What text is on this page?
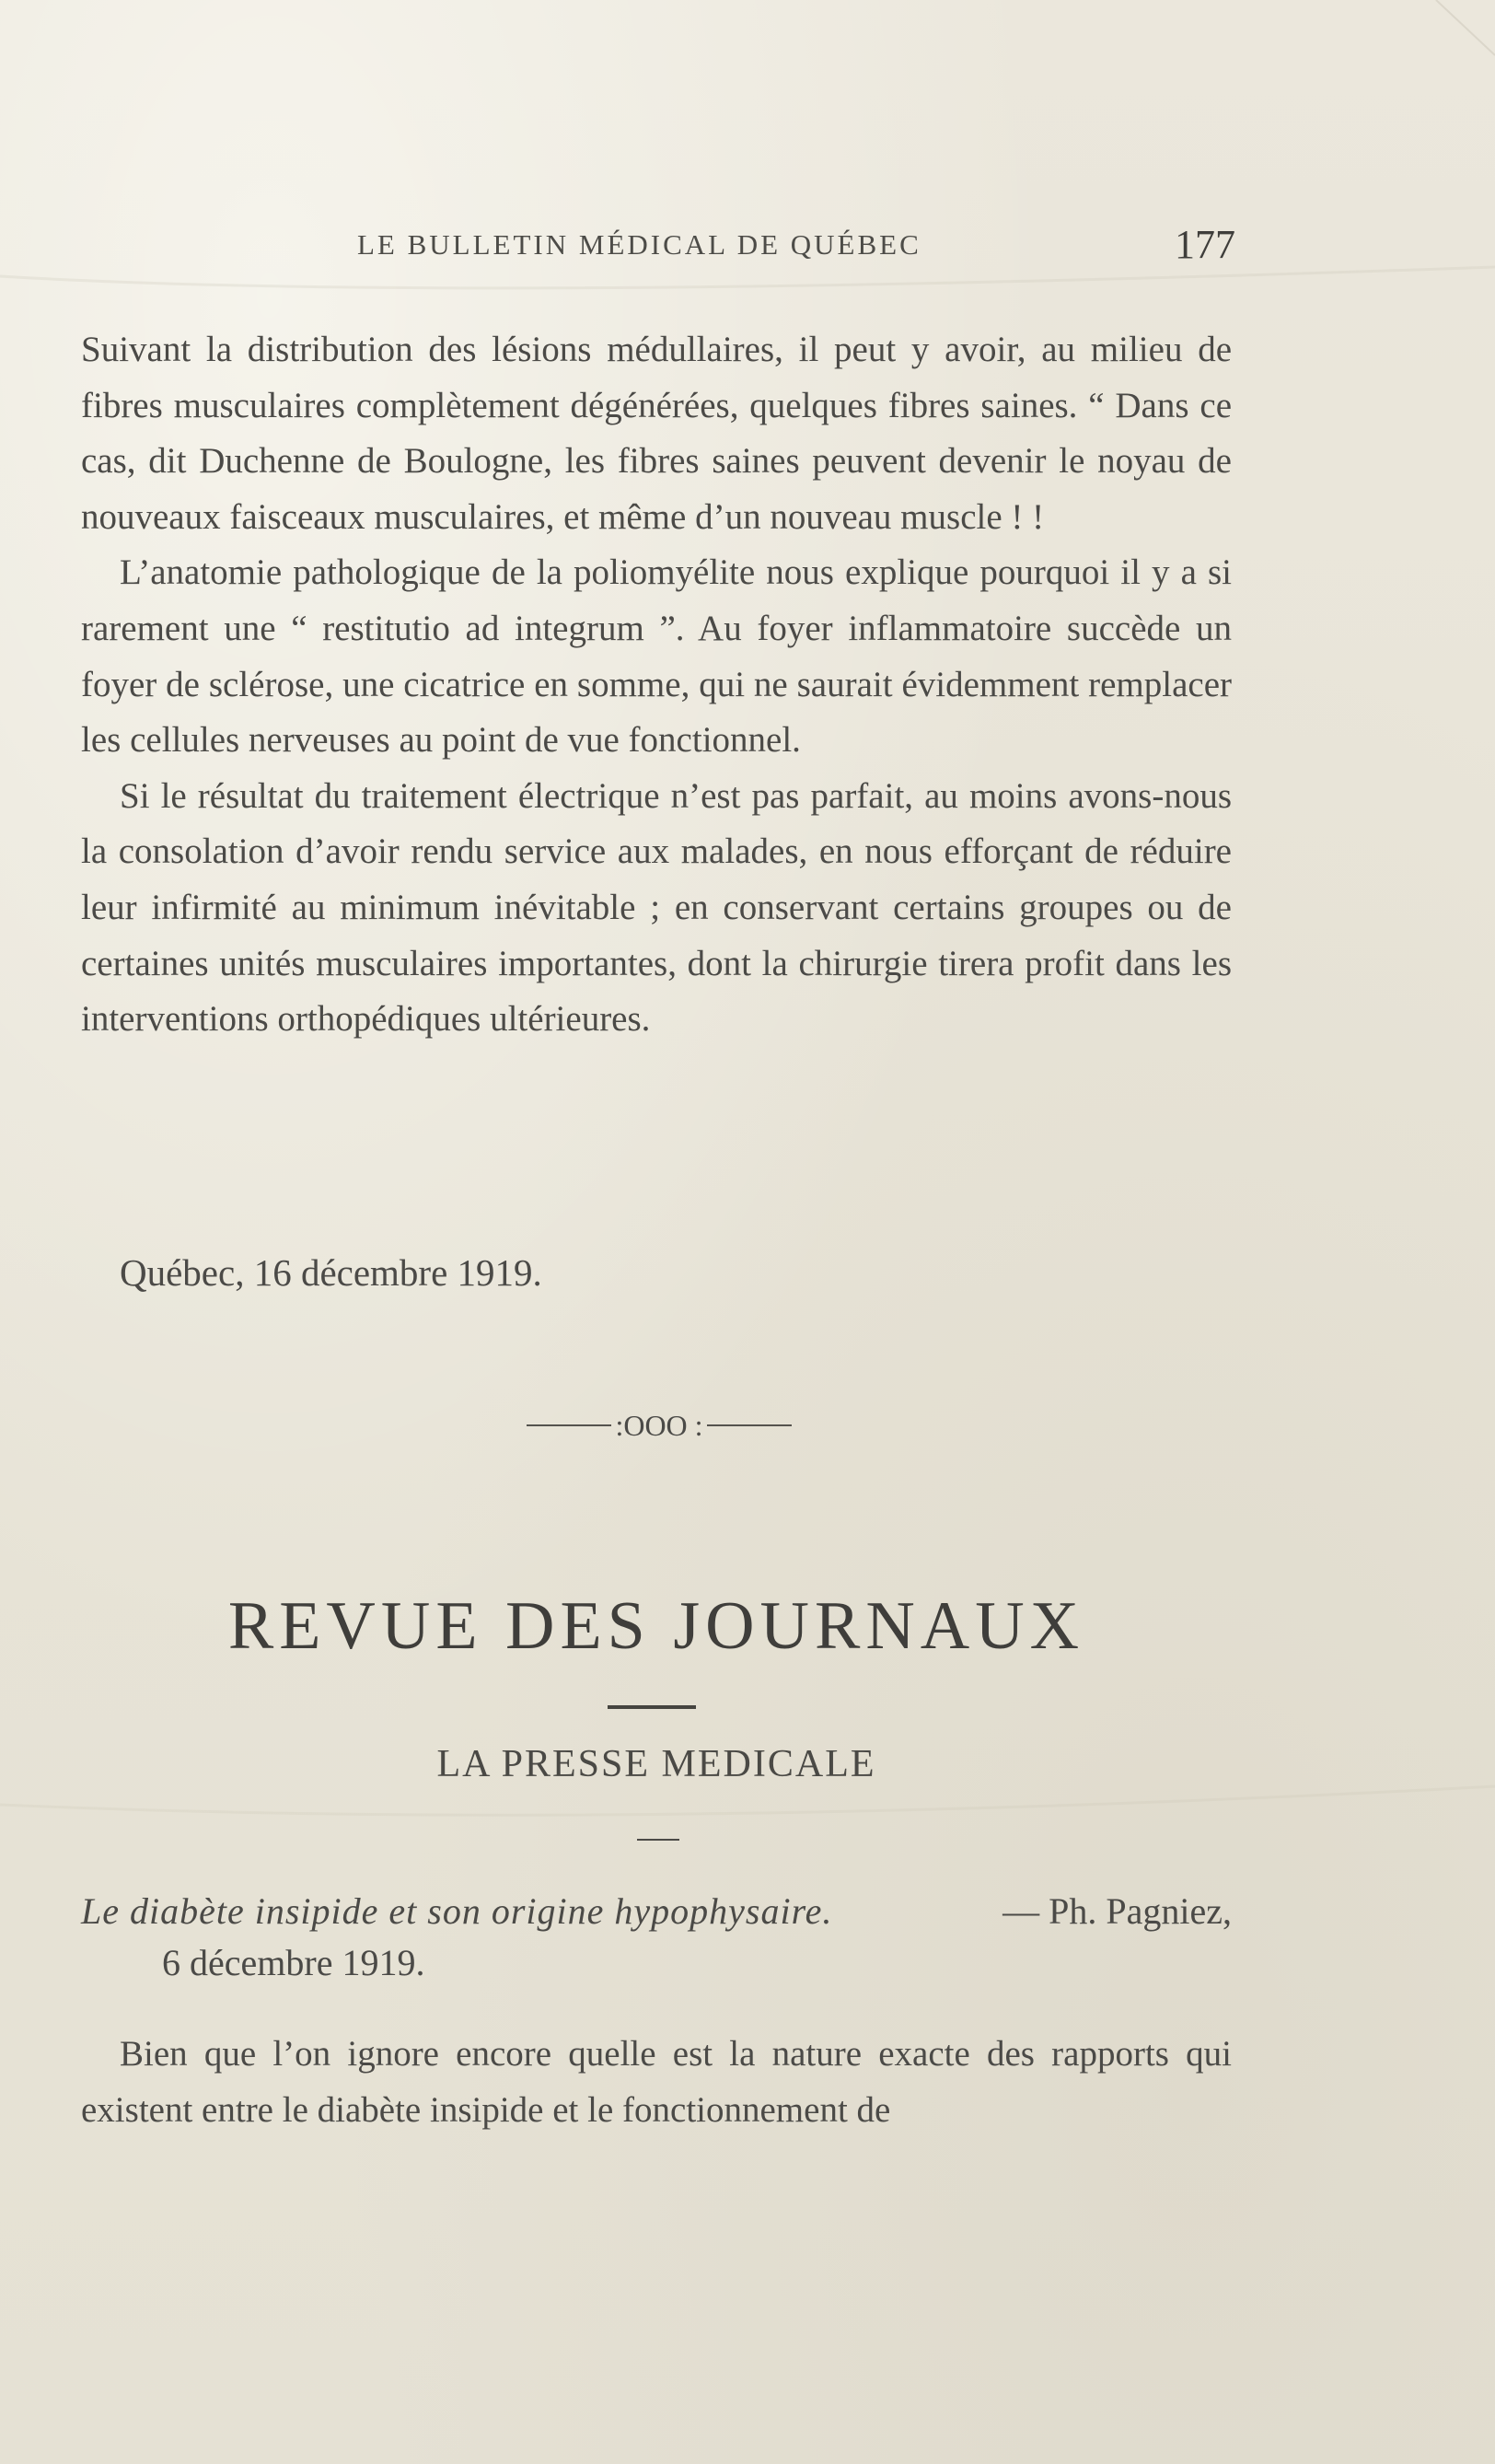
LE BULLETIN MÉDICAL DE QUÉBEC	177

Suivant la distribution des lésions médullaires, il peut y avoir, au milieu de fibres musculaires complètement dégénérées, quelques fibres saines. “ Dans ce cas, dit Duchenne de Boulogne, les fibres saines peuvent devenir le noyau de nouveaux faisceaux musculaires, et même d’un nouveau muscle ! !

L’anatomie pathologique de la poliomyélite nous explique pourquoi il y a si rarement une “ restitutio ad integrum ”. Au foyer inflammatoire succède un foyer de sclérose, une cicatrice en somme, qui ne saurait évidemment remplacer les cellules nerveuses au point de vue fonctionnel.

Si le résultat du traitement électrique n’est pas parfait, au moins avons-nous la consolation d’avoir rendu service aux malades, en nous efforçant de réduire leur infirmité au minimum inévitable ; en conservant certains groupes ou de certaines unités musculaires importantes, dont la chirurgie tirera profit dans les interventions orthopédiques ultérieures.

Québec, 16 décembre 1919.
:OOO :
REVUE DES JOURNAUX
LA PRESSE MEDICALE
Le diabète insipide et son origine hypophysaire.	— Ph. Pagniez,
6 décembre 1919.

Bien que l’on ignore encore quelle est la nature exacte des rapports qui existent entre le diabète insipide et le fonctionnement de
